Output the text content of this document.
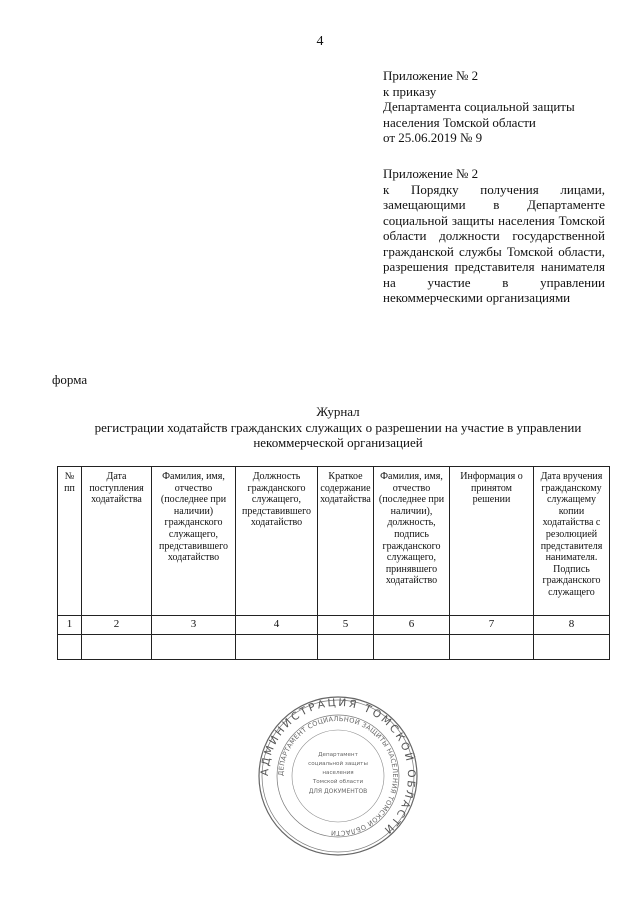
4
Приложение № 2
к приказу
Департамента социальной защиты
населения Томской области
от 25.06.2019 № 9
Приложение № 2
к Порядку получения лицами, замещающими в Департаменте социальной защиты населения Томской области должности государственной гражданской службы Томской области, разрешения представителя нанимателя на участие в управлении некоммерческими организациями
форма
Журнал
регистрации ходатайств гражданских служащих о разрешении на участие в управлении
некоммерческой организацией
№ пп	Дата поступления ходатайства	Фамилия, имя, отчество (последнее при наличии) гражданского служащего, представившего ходатайство	Должность гражданского служащего, представившего ходатайство	Краткое содержание ходатайства	Фамилия, имя, отчество (последнее при наличии), должность, подпись гражданского служащего, принявшего ходатайство	Информация о принятом решении	Дата вручения гражданскому служащему копии ходатайства с резолюцией представителя нанимателя. Подпись гражданского служащего
1	2	3	4	5	6	7	8

АДМИНИСТРАЦИЯ ТОМСКОЙ ОБЛАСТИ
ДЕПАРТАМЕНТ СОЦИАЛЬНОЙ ЗАЩИТЫ НАСЕЛЕНИЯ ТОМСКОЙ ОБЛАСТИ
Департамент
социальной защиты
населения
Томской области
ДЛЯ ДОКУМЕНТОВ
